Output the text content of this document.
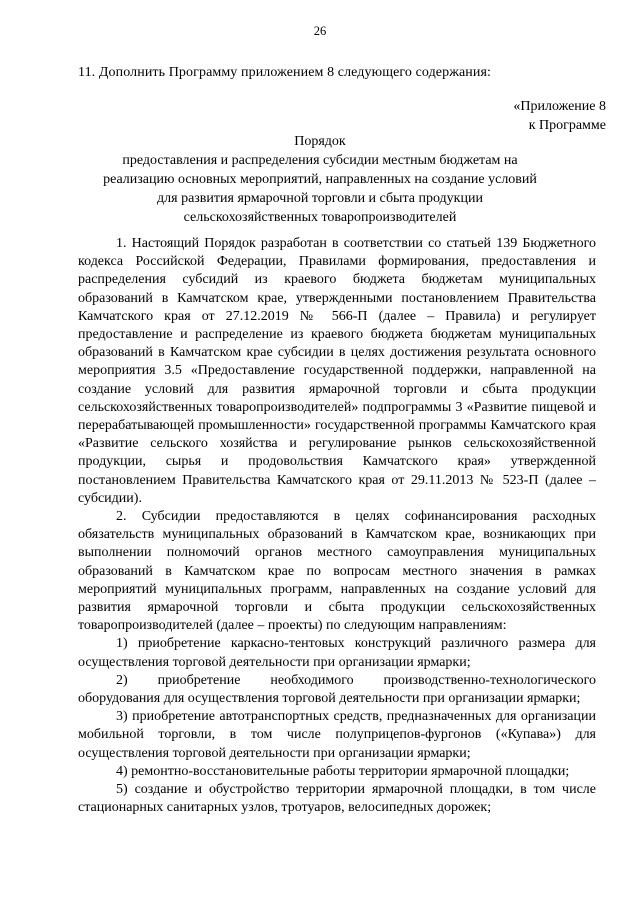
26
11. Дополнить Программу приложением 8 следующего содержания:
«Приложение 8
к Программе
Порядок
предоставления и распределения субсидии местным бюджетам на
реализацию основных мероприятий, направленных на создание условий
для развития ярмарочной торговли и сбыта продукции
сельскохозяйственных товаропроизводителей

1. Настоящий Порядок разработан в соответствии со статьей 139 Бюджетного кодекса Российской Федерации, Правилами формирования, предоставления и распределения субсидий из краевого бюджета бюджетам муниципальных образований в Камчатском крае, утвержденными постановлением Правительства Камчатского края от 27.12.2019 № 566-П (далее – Правила) и регулирует предоставление и распределение из краевого бюджета бюджетам муниципальных образований в Камчатском крае субсидии в целях достижения результата основного мероприятия 3.5 «Предоставление государственной поддержки, направленной на создание условий для развития ярмарочной торговли и сбыта продукции сельскохозяйственных товаропроизводителей» подпрограммы 3 «Развитие пищевой и перерабатывающей промышленности» государственной программы Камчатского края «Развитие сельского хозяйства и регулирование рынков сельскохозяйственной продукции, сырья и продовольствия Камчатского края» утвержденной постановлением Правительства Камчатского края от 29.11.2013 № 523-П (далее – субсидии).

2. Субсидии предоставляются в целях софинансирования расходных обязательств муниципальных образований в Камчатском крае, возникающих при выполнении полномочий органов местного самоуправления муниципальных образований в Камчатском крае по вопросам местного значения в рамках мероприятий муниципальных программ, направленных на создание условий для развития ярмарочной торговли и сбыта продукции сельскохозяйственных товаропроизводителей (далее – проекты) по следующим направлениям:

1) приобретение каркасно-тентовых конструкций различного размера для осуществления торговой деятельности при организации ярмарки;

2) приобретение необходимого производственно-технологического оборудования для осуществления торговой деятельности при организации ярмарки;

3) приобретение автотранспортных средств, предназначенных для организации мобильной торговли, в том числе полуприцепов-фургонов («Купава») для осуществления торговой деятельности при организации ярмарки;

4) ремонтно-восстановительные работы территории ярмарочной площадки;

5) создание и обустройство территории ярмарочной площадки, в том числе стационарных санитарных узлов, тротуаров, велосипедных дорожек;
